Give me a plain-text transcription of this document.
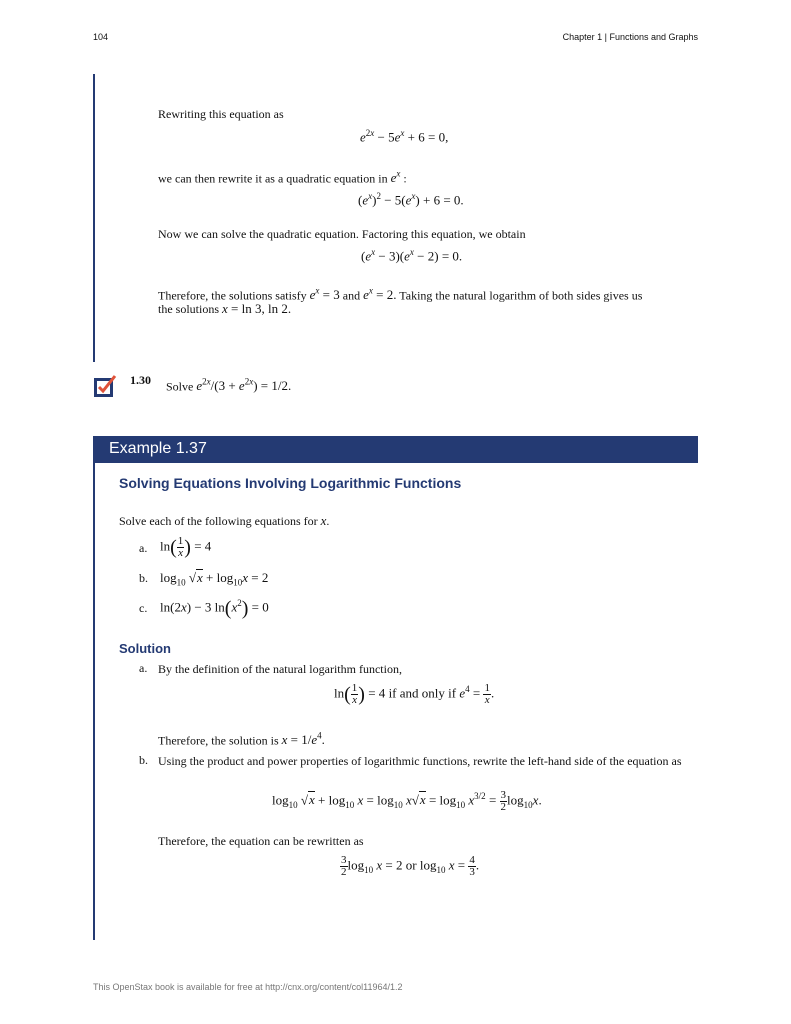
104	Chapter 1 | Functions and Graphs

Rewriting this equation as

$e^{2x} - 5e^x + 6 = 0$,

we can then rewrite it as a quadratic equation in $e^x$ :

$(e^x)^2 - 5(e^x) + 6 = 0$.

Now we can solve the quadratic equation. Factoring this equation, we obtain

$(e^x - 3)(e^x - 2) = 0$.

Therefore, the solutions satisfy $e^x = 3$ and $e^x = 2$. Taking the natural logarithm of both sides gives us

the solutions x = ln 3, ln 2.

1.30 Solve $e^{2x}/(3 + e^{2x}) = 1/2$.
Example 1.37
Solving Equations Involving Logarithmic Functions

Solve each of the following equations for x.

a. $\ln( \frac{1}{x}$ ) = 4
b. $\log_{10} √x + \log_{10}x = 2$
c. ln(2x) − 3 $\ln(x^2) = 0$
Solution
a. By the definition of the natural logarithm function,

$\ln( \frac{1}{x}$ ) = 4 if and only if $e^4 = \frac{1}{x}$ .

Therefore, the solution is $x = 1/e^4$.

b. Using the product and power properties of logarithmic functions, rewrite the left-hand side of the equation as

$\log_{10} √x + \log_{10} x = \log_{10} x√x = \log_{10} x^{3/2} = \frac{3}{2} \log_{10}x$.

Therefore, the equation can be rewritten as

$\frac{3}{2} \log_{10} x = 2$ or $\log_{10} x = \frac{4}{3}$ .
This OpenStax book is available for free at http://cnx.org/content/col11964/1.2
